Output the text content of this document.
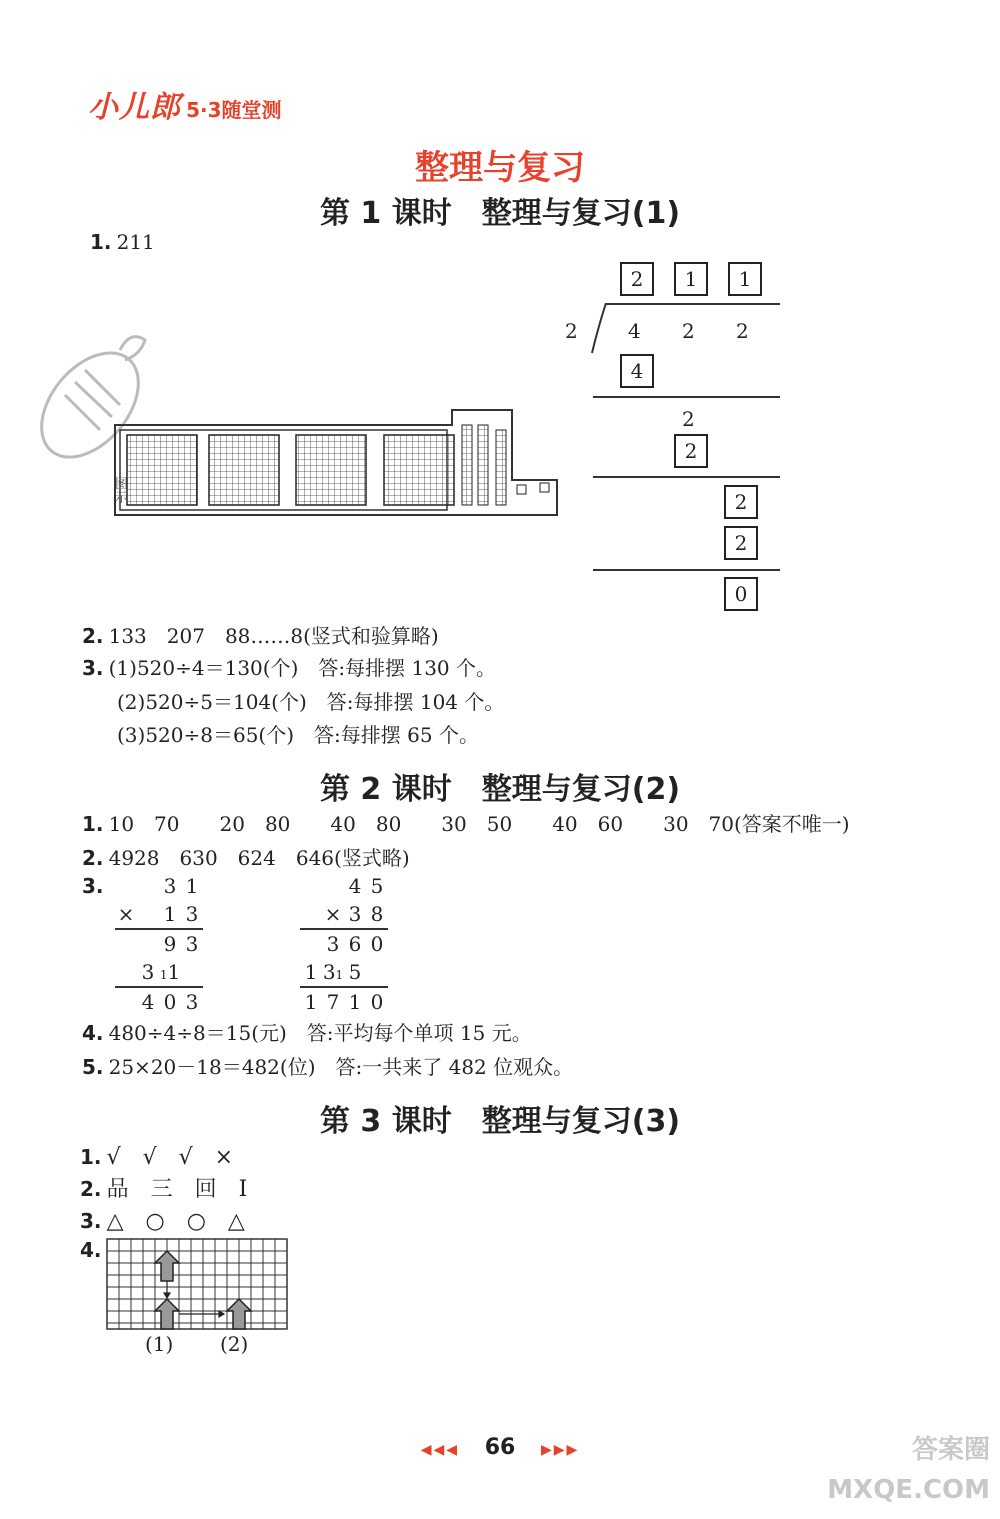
小儿郎 5·3随堂测
整理与复习
第 1 课时　整理与复习(1)
1. 211
图示
2	1	1
2	4 2 2
4
2
2
2
2
0
2. 133　207　88……8(竖式和验算略)
3. (1)520÷4＝130(个)　答:每排摆 130 个。
(2)520÷5＝104(个)　答:每排摆 104 个。
(3)520÷8＝65(个)　答:每排摆 65 个。
第 2 课时　整理与复习(2)
1. 10　70　　20　80　　40　80　　30　50　　40　60　　30　70(答案不唯一)
2. 4928　630　624　646(竖式略)
3.
			3	1
×		1	3
		9	3
	3	11	
	4	0	3
		4	5
	×	3	8
	3	6	0
1	31	5	
1	7	1	0
4. 480÷4÷8＝15(元)　答:平均每个单项 15 元。
5. 25×20－18＝482(位)　答:一共来了 482 位观众。
第 3 课时　整理与复习(3)
1. √　√　√　×
2. 品　三　回　I
3. △　○　○　△
4.
(1) (2)
◀◀◀ 66 ▶▶▶	答案圈 MXQE.COM
